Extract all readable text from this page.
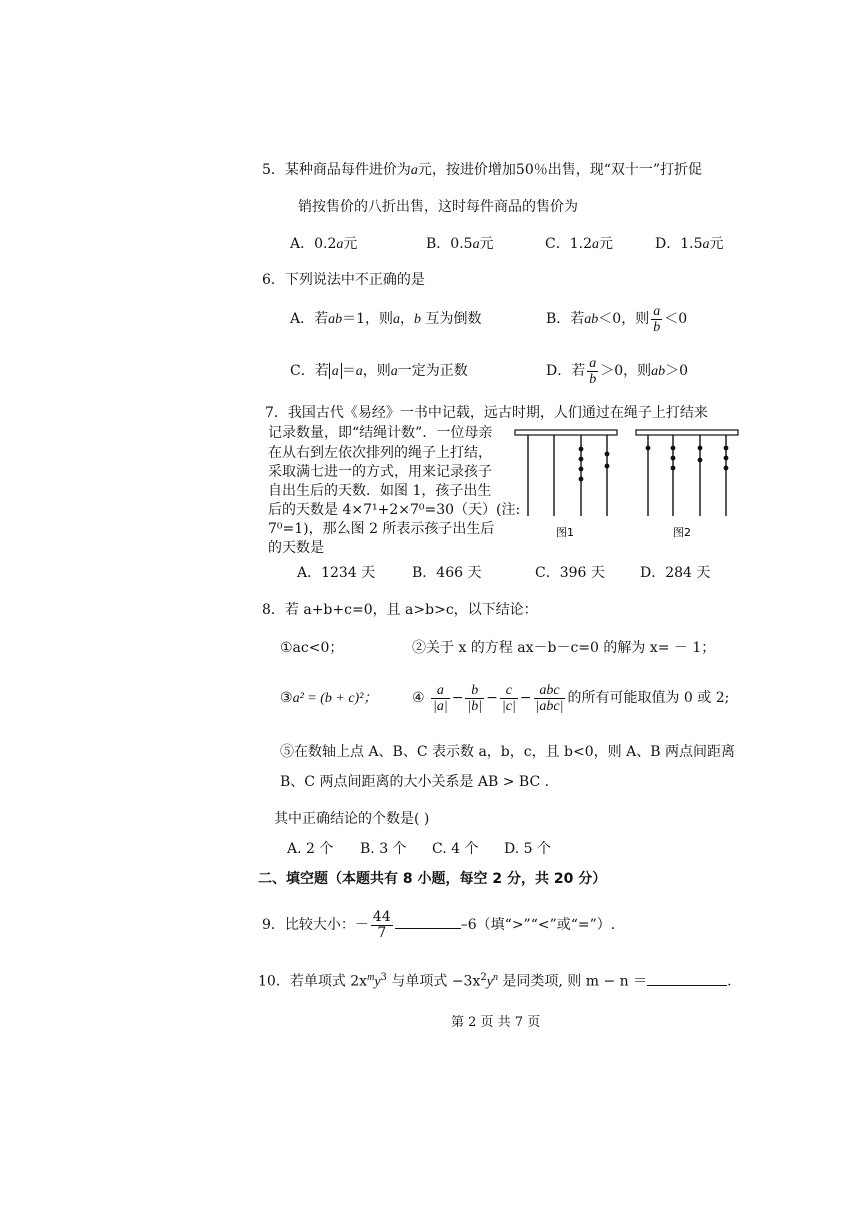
5．某种商品每件进价为a元，按进价增加50％出售，现“双十一”打折促
销按售价的八折出售，这时每件商品的售价为
A．0.2a元	B．0.5a元	C．1.2a元	D．1.5a元
6．下列说法中不正确的是
A．若ab＝1，则a，b 互为倒数	B．若ab＜0，则 $\frac{a}{b} <0$
C．若 a ＝a，则a一定为正数	D．若 $\frac{a}{b} >0$，则ab＞0
7．我国古代《易经》一书中记载，远古时期，人们通过在绳子上打结来
记录数量，即“结绳计数”．一位母亲
在从右到左依次排列的绳子上打结，
采取满七进一的方式，用来记录孩子
自出生后的天数．如图 1，孩子出生
后的天数是 4×7¹+2×7⁰=30（天）(注:
7⁰=1)，那么图 2 所表示孩子出生后
的天数是
图1	图2
A．1234 天	B．466 天	C．396 天	D．284 天
8．若 a+b+c=0，且 a>b>c，以下结论：
①ac<0；	②关于 x 的方程 ax－b－c=0 的解为 x= － 1；
③a² = (b + c)²； ④ $\frac{a}{|a|} - \frac{b}{|b|} - \frac{c}{|c|} - \frac{\text{abc}}{\text{|abc|}}$ 的所有可能取值为 0 或 2;
⑤在数轴上点 A、B、C 表示数 a，b，c，且 b<0，则 A、B 两点间距离
B、C 两点间距离的大小关系是 AB > BC .
其中正确结论的个数是( )
A. 2 个 B. 3 个 C. 4 个 D. 5 个
二、填空题（本题共有 8 小题，每空 2 分，共 20 分）
9．比较大小：－ $\frac{44}{7}$	–6（填“>”“<”或“=”）.
10．若单项式 $2x^my^3$ 与单项式 $-3x^2y^n$ 是同类项, 则 m − n ＝	.
第 2 页 共 7 页
